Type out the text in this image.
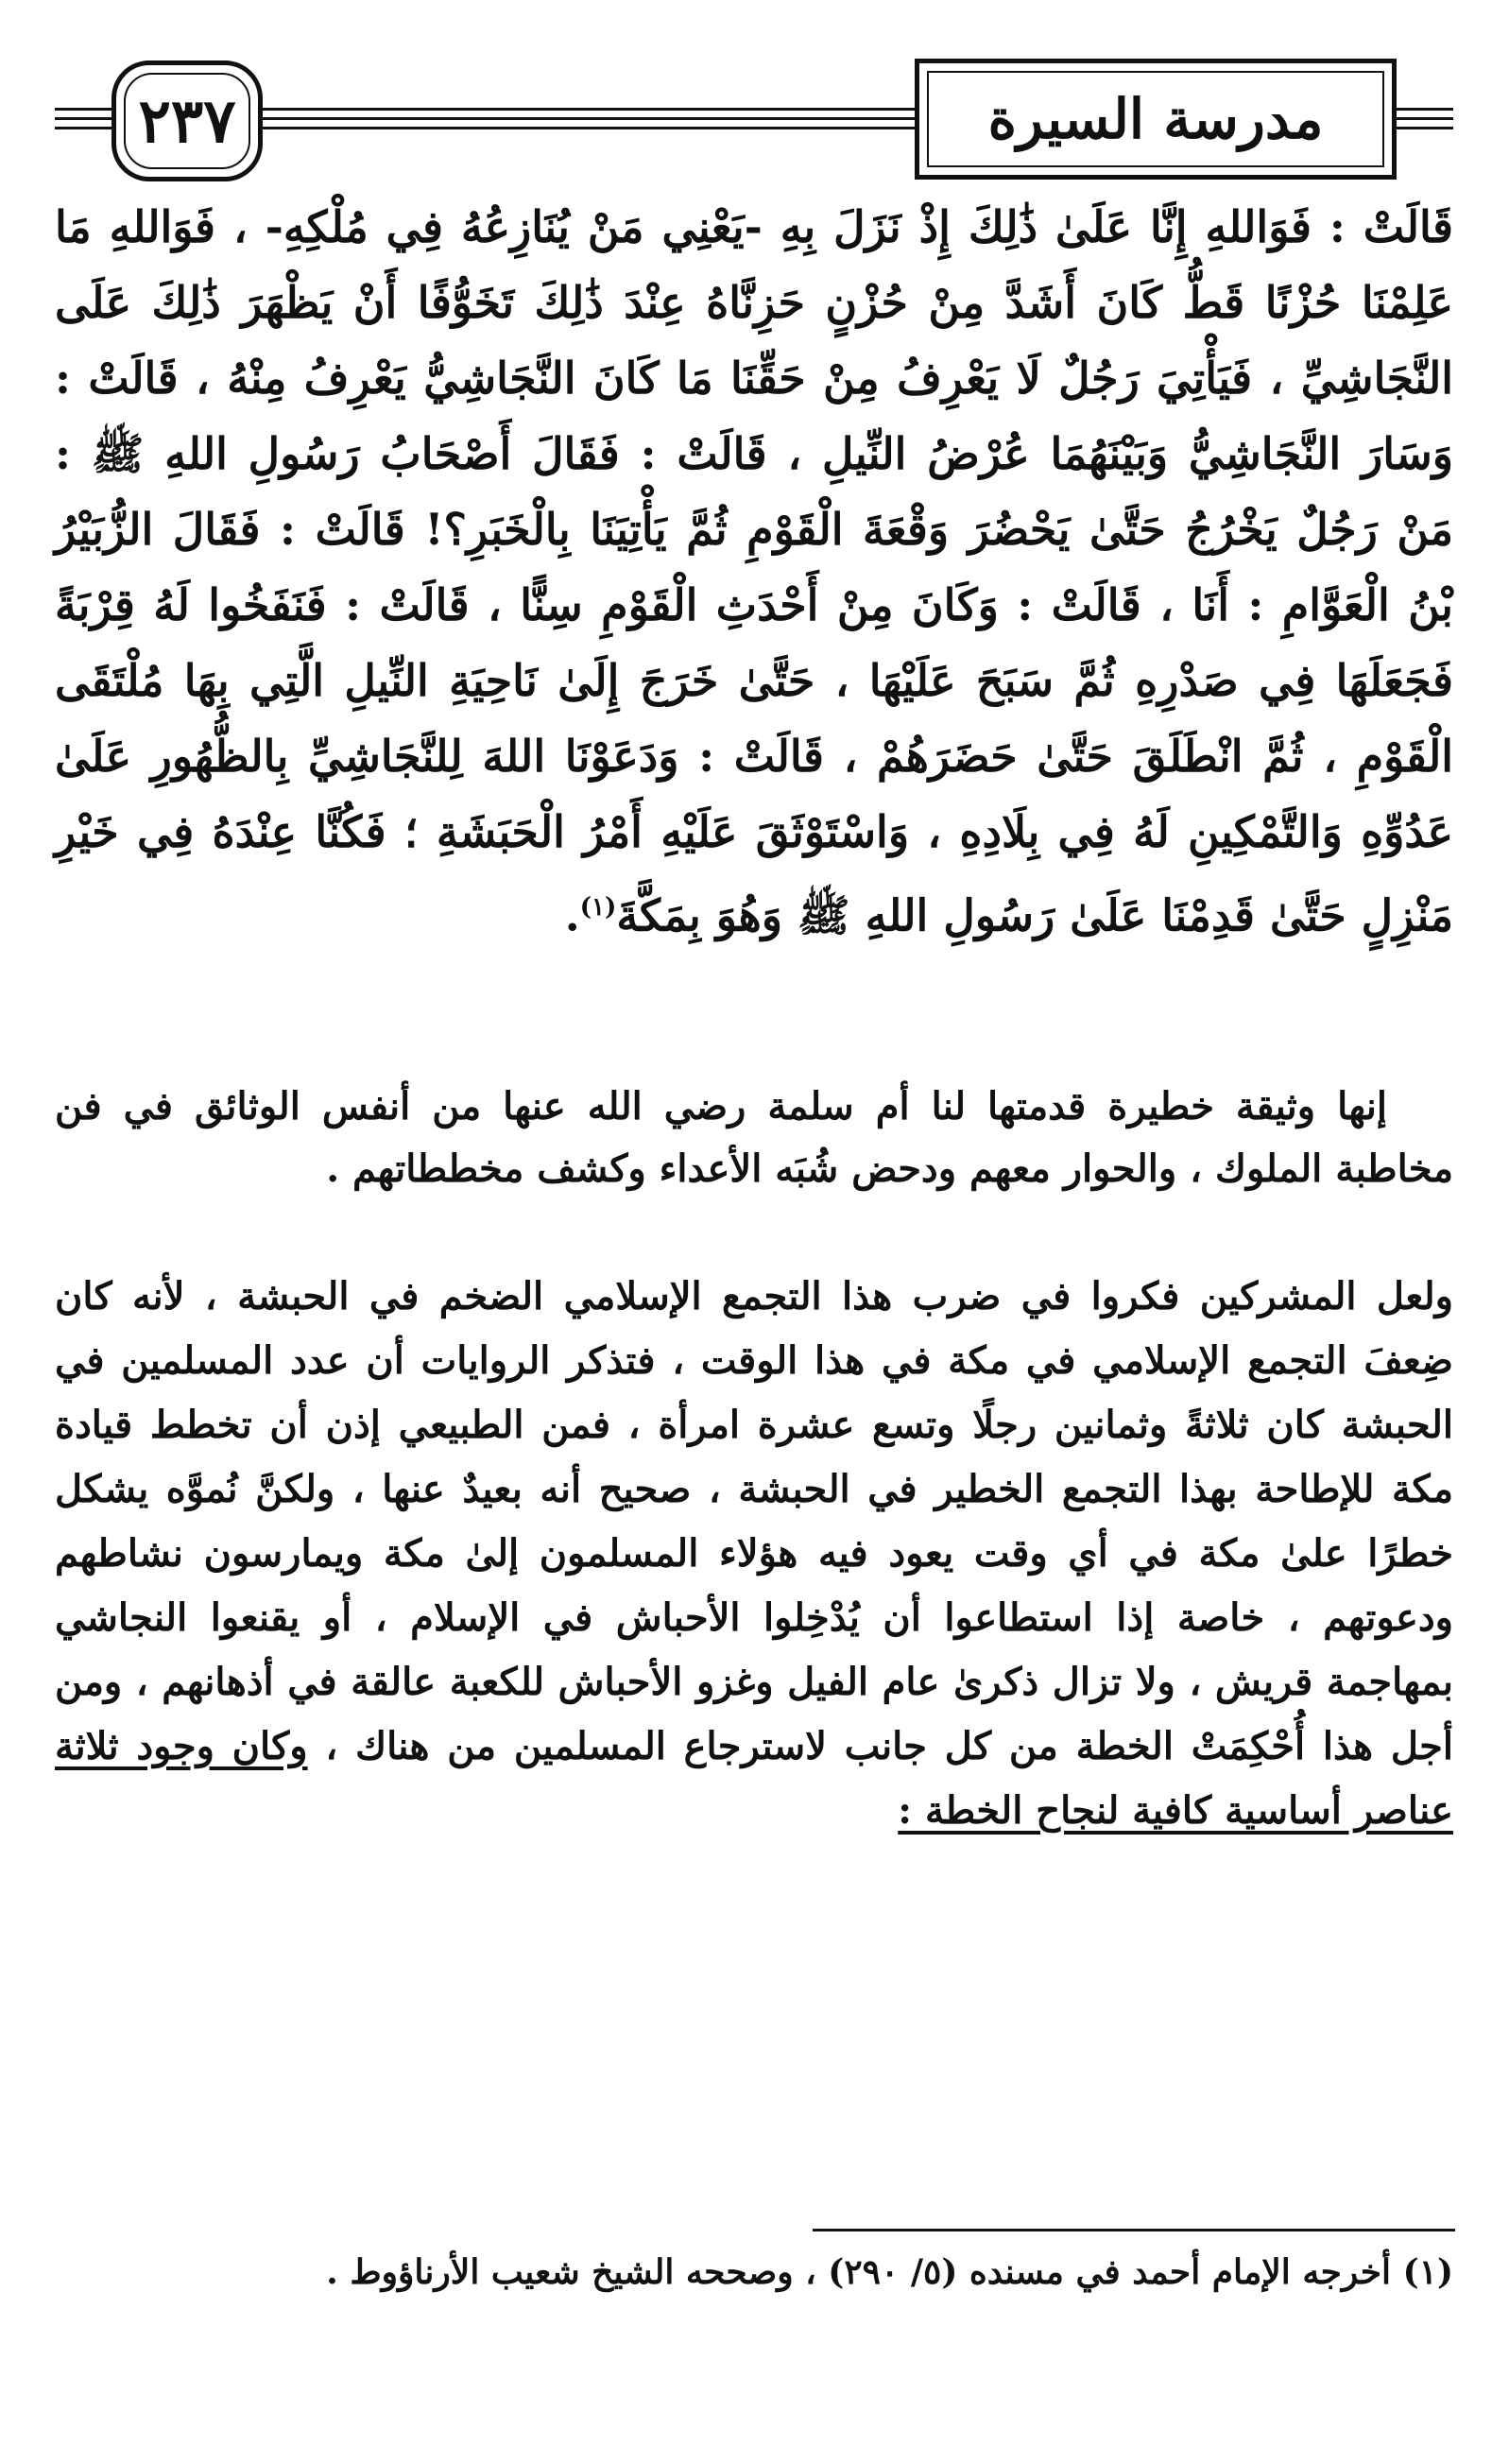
٢٣٧	مدرسة السيرة
قَالَتْ : فَوَاللهِ إِنَّا عَلَىٰ ذَٰلِكَ إِذْ نَزَلَ بِهِ -يَعْنِي مَنْ يُنَازِعُهُ فِي مُلْكِهِ- ، فَوَاللهِ مَا عَلِمْنَا حُزْنًا قَطُّ كَانَ أَشَدَّ مِنْ حُزْنٍ حَزِنَّاهُ عِنْدَ ذَٰلِكَ تَخَوُّفًا أَنْ يَظْهَرَ ذَٰلِكَ عَلَى النَّجَاشِيِّ ، فَيَأْتِيَ رَجُلٌ لَا يَعْرِفُ مِنْ حَقِّنَا مَا كَانَ النَّجَاشِيُّ يَعْرِفُ مِنْهُ ، قَالَتْ : وَسَارَ النَّجَاشِيُّ وَبَيْنَهُمَا عُرْضُ النِّيلِ ، قَالَتْ : فَقَالَ أَصْحَابُ رَسُولِ اللهِ ﷺ : مَنْ رَجُلٌ يَخْرُجُ حَتَّىٰ يَحْضُرَ وَقْعَةَ الْقَوْمِ ثُمَّ يَأْتِيَنَا بِالْخَبَرِ؟! قَالَتْ : فَقَالَ الزُّبَيْرُ بْنُ الْعَوَّامِ : أَنَا ، قَالَتْ : وَكَانَ مِنْ أَحْدَثِ الْقَوْمِ سِنًّا ، قَالَتْ : فَنَفَخُوا لَهُ قِرْبَةً فَجَعَلَهَا فِي صَدْرِهِ ثُمَّ سَبَحَ عَلَيْهَا ، حَتَّىٰ خَرَجَ إِلَىٰ نَاحِيَةِ النِّيلِ الَّتِي بِهَا مُلْتَقَى الْقَوْمِ ، ثُمَّ انْطَلَقَ حَتَّىٰ حَضَرَهُمْ ، قَالَتْ : وَدَعَوْنَا اللهَ لِلنَّجَاشِيِّ بِالظُّهُورِ عَلَىٰ عَدُوِّهِ وَالتَّمْكِينِ لَهُ فِي بِلَادِهِ ، وَاسْتَوْثَقَ عَلَيْهِ أَمْرُ الْحَبَشَةِ ؛ فَكُنَّا عِنْدَهُ فِي خَيْرِ مَنْزِلٍ حَتَّىٰ قَدِمْنَا عَلَىٰ رَسُولِ اللهِ ﷺ وَهُوَ بِمَكَّةَ$^{(١)}$.
إنها وثيقة خطيرة قدمتها لنا أم سلمة رضي الله عنها من أنفس الوثائق في فن مخاطبة الملوك ، والحوار معهم ودحض شُبَه الأعداء وكشف مخططاتهم .
ولعل المشركين فكروا في ضرب هذا التجمع الإسلامي الضخم في الحبشة ، لأنه كان ضِعفَ التجمع الإسلامي في مكة في هذا الوقت ، فتذكر الروايات أن عدد المسلمين في الحبشة كان ثلاثةً وثمانين رجلًا وتسع عشرة امرأة ، فمن الطبيعي إذن أن تخطط قيادة مكة للإطاحة بهذا التجمع الخطير في الحبشة ، صحيح أنه بعيدٌ عنها ، ولكنَّ نُموَّه يشكل خطرًا علىٰ مكة في أي وقت يعود فيه هؤلاء المسلمون إلىٰ مكة ويمارسون نشاطهم ودعوتهم ، خاصة إذا استطاعوا أن يُدْخِلوا الأحباش في الإسلام ، أو يقنعوا النجاشي بمهاجمة قريش ، ولا تزال ذكرىٰ عام الفيل وغزو الأحباش للكعبة عالقة في أذهانهم ، ومن أجل هذا أُحْكِمَتْ الخطة من كل جانب لاسترجاع المسلمين من هناك ، وكان وجود ثلاثة عناصر أساسية كافية لنجاح الخطة :
(١) أخرجه الإمام أحمد في مسنده (٥/ ٢٩٠) ، وصححه الشيخ شعيب الأرناؤوط .
